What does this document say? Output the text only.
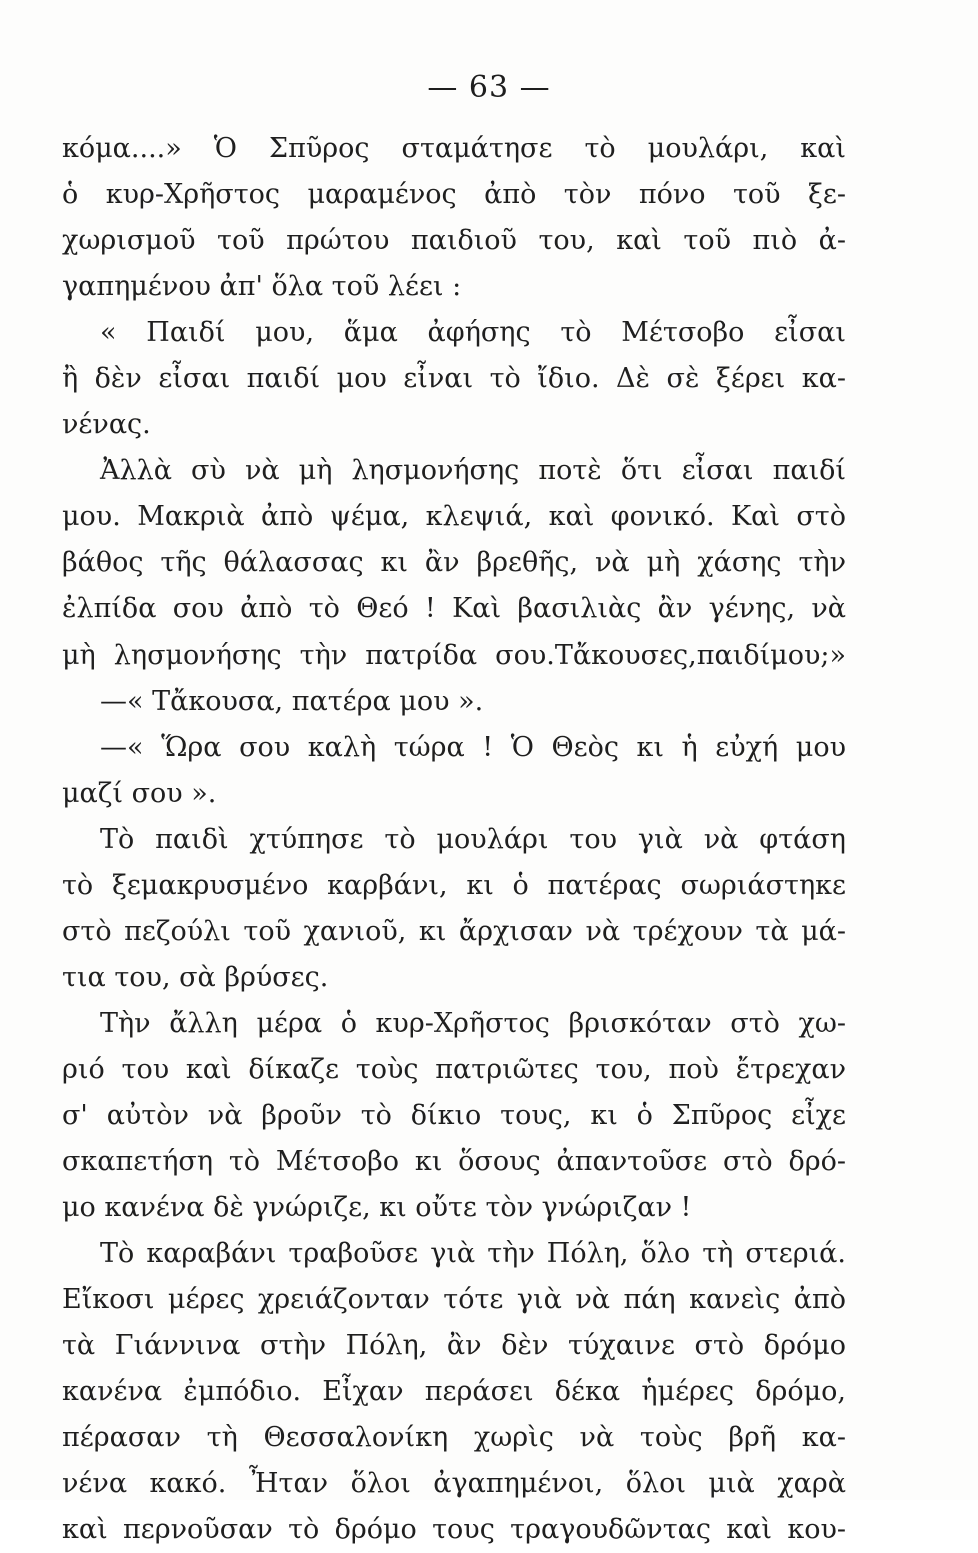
— 63 —
κόμα....» Ὁ Σπῦρος σταμάτησε τὸ μουλάρι, καὶ
ὁ κυρ-Χρῆστος μαραμένος ἀπὸ τὸν πόνο τοῦ ξε-
χωρισμοῦ τοῦ πρώτου παιδιοῦ του, καὶ τοῦ πιὸ ἀ-
γαπημένου ἀπ' ὅλα τοῦ λέει :
« Παιδί μου, ἅμα ἀφήσης τὸ Μέτσοβο εἶσαι
ἢ δὲν εἶσαι παιδί μου εἶναι τὸ ἴδιο. Δὲ σὲ ξέρει κα-
νένας.
Ἀλλὰ σὺ νὰ μὴ λησμονήσης ποτὲ ὅτι εἶσαι παιδί
μου. Μακριὰ ἀπὸ ψέμα, κλεψιά, καὶ φονικό. Καὶ στὸ
βάθος τῆς θάλασσας κι ἂν βρεθῆς, νὰ μὴ χάσης τὴν
ἐλπίδα σου ἀπὸ τὸ Θεό ! Καὶ βασιλιὰς ἂν γένης, νὰ
μὴ λησμονήσης τὴν πατρίδα σου.Τἄκουσες,παιδίμου;»
—« Τἄκουσα, πατέρα μου ».
—« Ὥρα σου καλὴ τώρα ! Ὁ Θεὸς κι ἡ εὐχή μου
μαζί σου ».
Τὸ παιδὶ χτύπησε τὸ μουλάρι του γιὰ νὰ φτάση
τὸ ξεμακρυσμένο καρβάνι, κι ὁ πατέρας σωριάστηκε
στὸ πεζούλι τοῦ χανιοῦ, κι ἄρχισαν νὰ τρέχουν τὰ μά-
τια του, σὰ βρύσες.
Τὴν ἄλλη μέρα ὁ κυρ-Χρῆστος βρισκόταν στὸ χω-
ριό του καὶ δίκαζε τοὺς πατριῶτες του, ποὺ ἔτρεχαν
σ' αὐτὸν νὰ βροῦν τὸ δίκιο τους, κι ὁ Σπῦρος εἶχε
σκαπετήση τὸ Μέτσοβο κι ὅσους ἀπαντοῦσε στὸ δρό-
μο κανένα δὲ γνώριζε, κι οὔτε τὸν γνώριζαν !
Τὸ καραβάνι τραβοῦσε γιὰ τὴν Πόλη, ὅλο τὴ στεριά.
Εἴκοσι μέρες χρειάζονταν τότε γιὰ νὰ πάη κανεὶς ἀπὸ
τὰ Γιάννινα στὴν Πόλη, ἂν δὲν τύχαινε στὸ δρόμο
κανένα ἐμπόδιο. Εἶχαν περάσει δέκα ἡμέρες δρόμο,
πέρασαν τὴ Θεσσαλονίκη χωρὶς νὰ τοὺς βρῆ κα-
νένα κακό. Ἦταν ὅλοι ἀγαπημένοι, ὅλοι μιὰ χαρὰ
καὶ περνοῦσαν τὸ δρόμο τους τραγουδῶντας καὶ κου-
